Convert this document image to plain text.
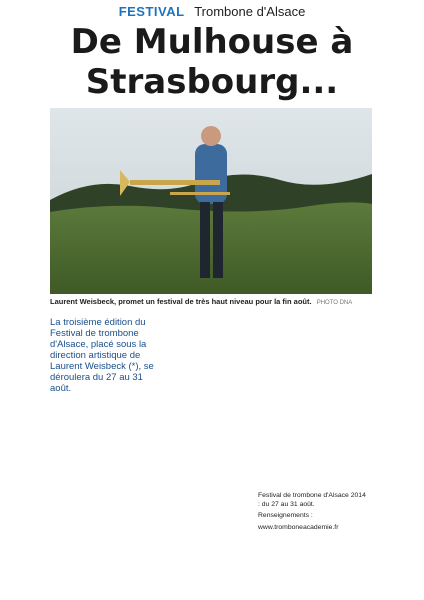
FESTIVAL Trombone d'Alsace
De Mulhouse à
Strasbourg...
Laurent Weisbeck, promet un festival de très haut niveau pour la fin août. PHOTO DNA
La troisième édition du Festival de trombone d'Alsace, placé sous la direction artistique de Laurent Weisbeck (*), se déroulera du 27 au 31 août.

Festival de trombone d'Alsace 2014 : du 27 au 31 août.

Renseignements :

www.tromboneacademie.fr
